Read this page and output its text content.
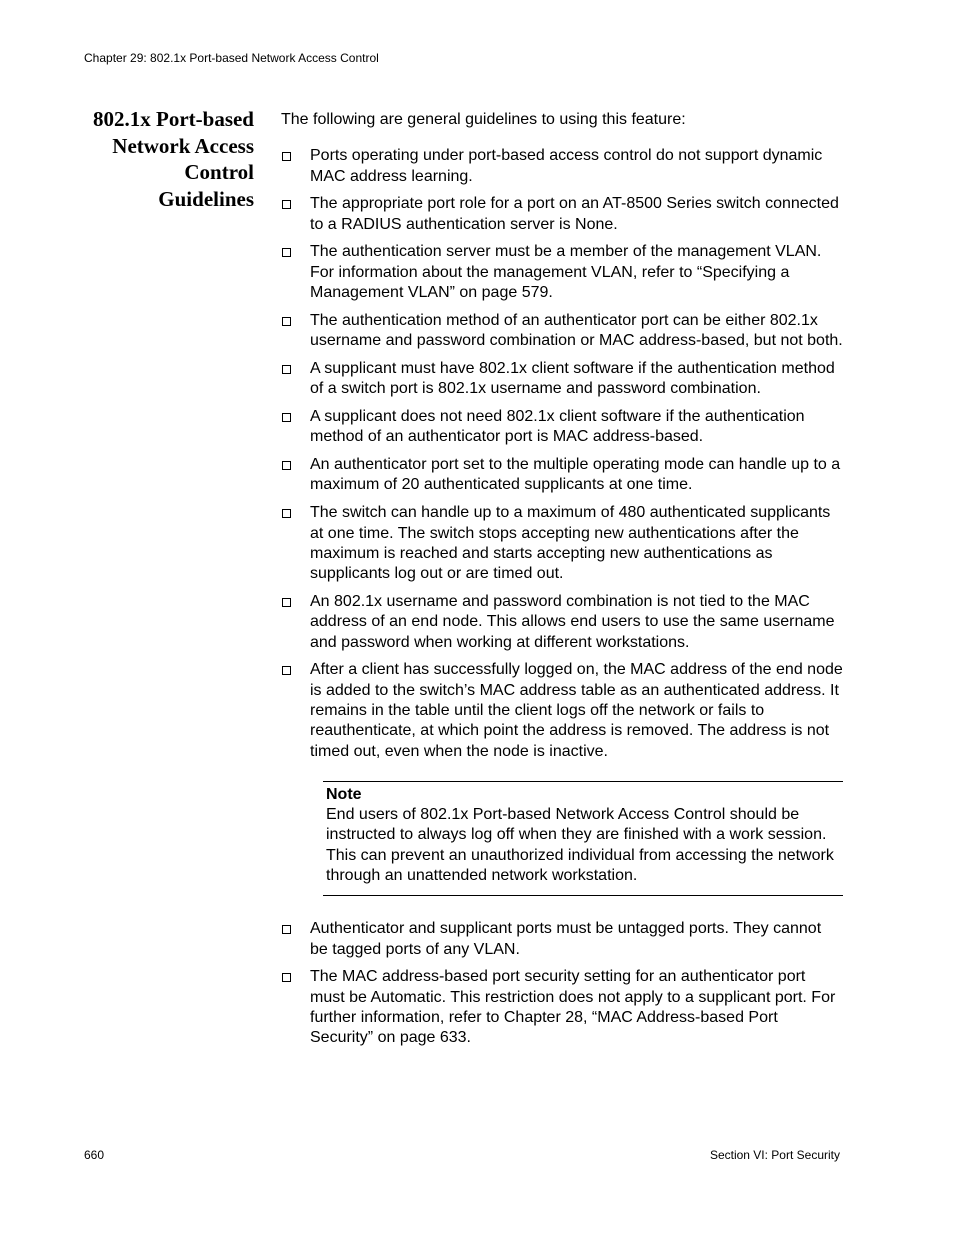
Chapter 29: 802.1x Port-based Network Access Control
802.1x Port-based
Network Access
Control
Guidelines

The following are general guidelines to using this feature:

Ports operating under port-based access control do not support dynamic MAC address learning.
The appropriate port role for a port on an AT-8500 Series switch connected to a RADIUS authentication server is None.
The authentication server must be a member of the management VLAN. For information about the management VLAN, refer to “Specifying a Management VLAN” on page 579.
The authentication method of an authenticator port can be either 802.1x username and password combination or MAC address-based, but not both.
A supplicant must have 802.1x client software if the authentication method of a switch port is 802.1x username and password combination.
A supplicant does not need 802.1x client software if the authentication method of an authenticator port is MAC address-based.
An authenticator port set to the multiple operating mode can handle up to a maximum of 20 authenticated supplicants at one time.
The switch can handle up to a maximum of 480 authenticated supplicants at one time. The switch stops accepting new authentications after the maximum is reached and starts accepting new authentications as supplicants log out or are timed out.
An 802.1x username and password combination is not tied to the MAC address of an end node. This allows end users to use the same username and password when working at different workstations.
After a client has successfully logged on, the MAC address of the end node is added to the switch’s MAC address table as an authenticated address. It remains in the table until the client logs off the network or fails to reauthenticate, at which point the address is removed. The address is not timed out, even when the node is inactive.
Note
End users of 802.1x Port-based Network Access Control should be instructed to always log off when they are finished with a work session. This can prevent an unauthorized individual from accessing the network through an unattended network workstation.
Authenticator and supplicant ports must be untagged ports. They cannot be tagged ports of any VLAN.
The MAC address-based port security setting for an authenticator port must be Automatic. This restriction does not apply to a supplicant port. For further information, refer to Chapter 28, “MAC Address-based Port Security” on page 633.
660	Section VI: Port Security
